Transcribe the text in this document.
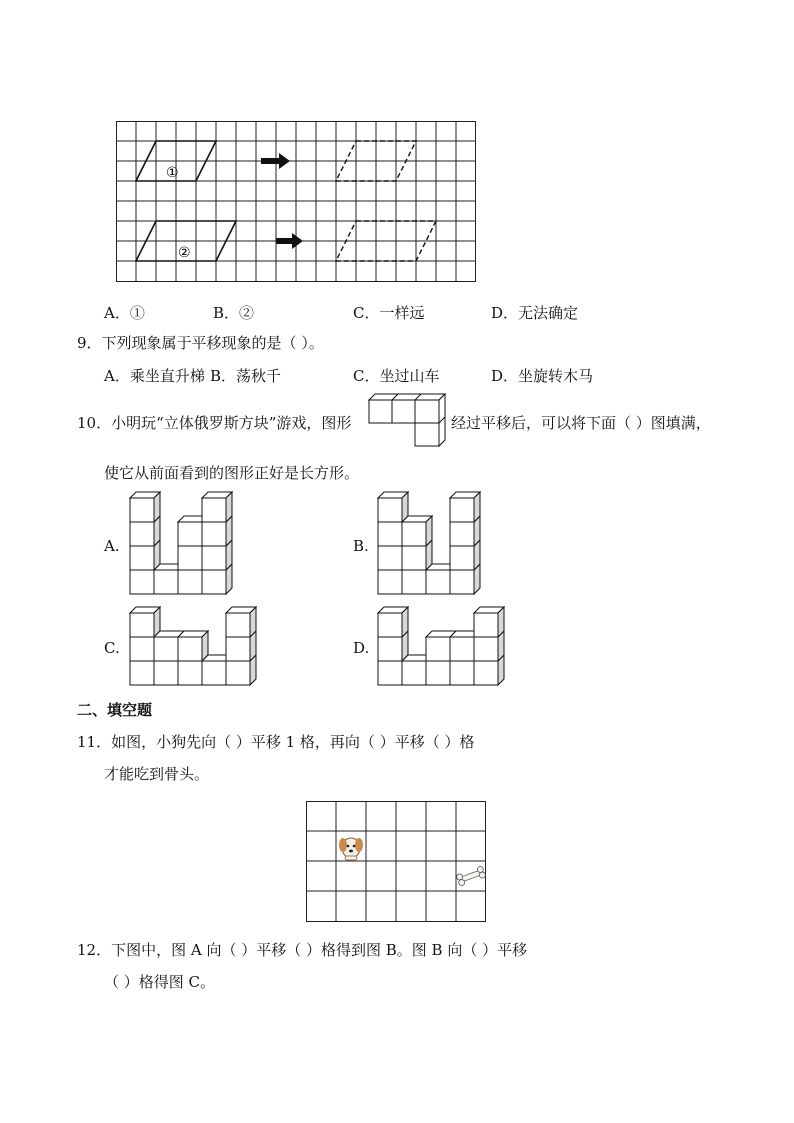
①
②
A．①	B．②	C．一样远	D．无法确定
9．下列现象属于平移现象的是（ ）。
A．乘坐直升梯 B．荡秋千	C．坐过山车	D．坐旋转木马
10．小明玩“立体俄罗斯方块”游戏，图形	经过平移后，可以将下面（ ）图填满，
使它从前面看到的图形正好是长方形。
A.	B.
C.	D.
二、填空题
11．如图，小狗先向（ ）平移 1 格，再向（ ）平移（ ）格
才能吃到骨头。
12．下图中，图 A 向（ ）平移（ ）格得到图 B。图 B 向（ ）平移
（ ）格得图 C。
